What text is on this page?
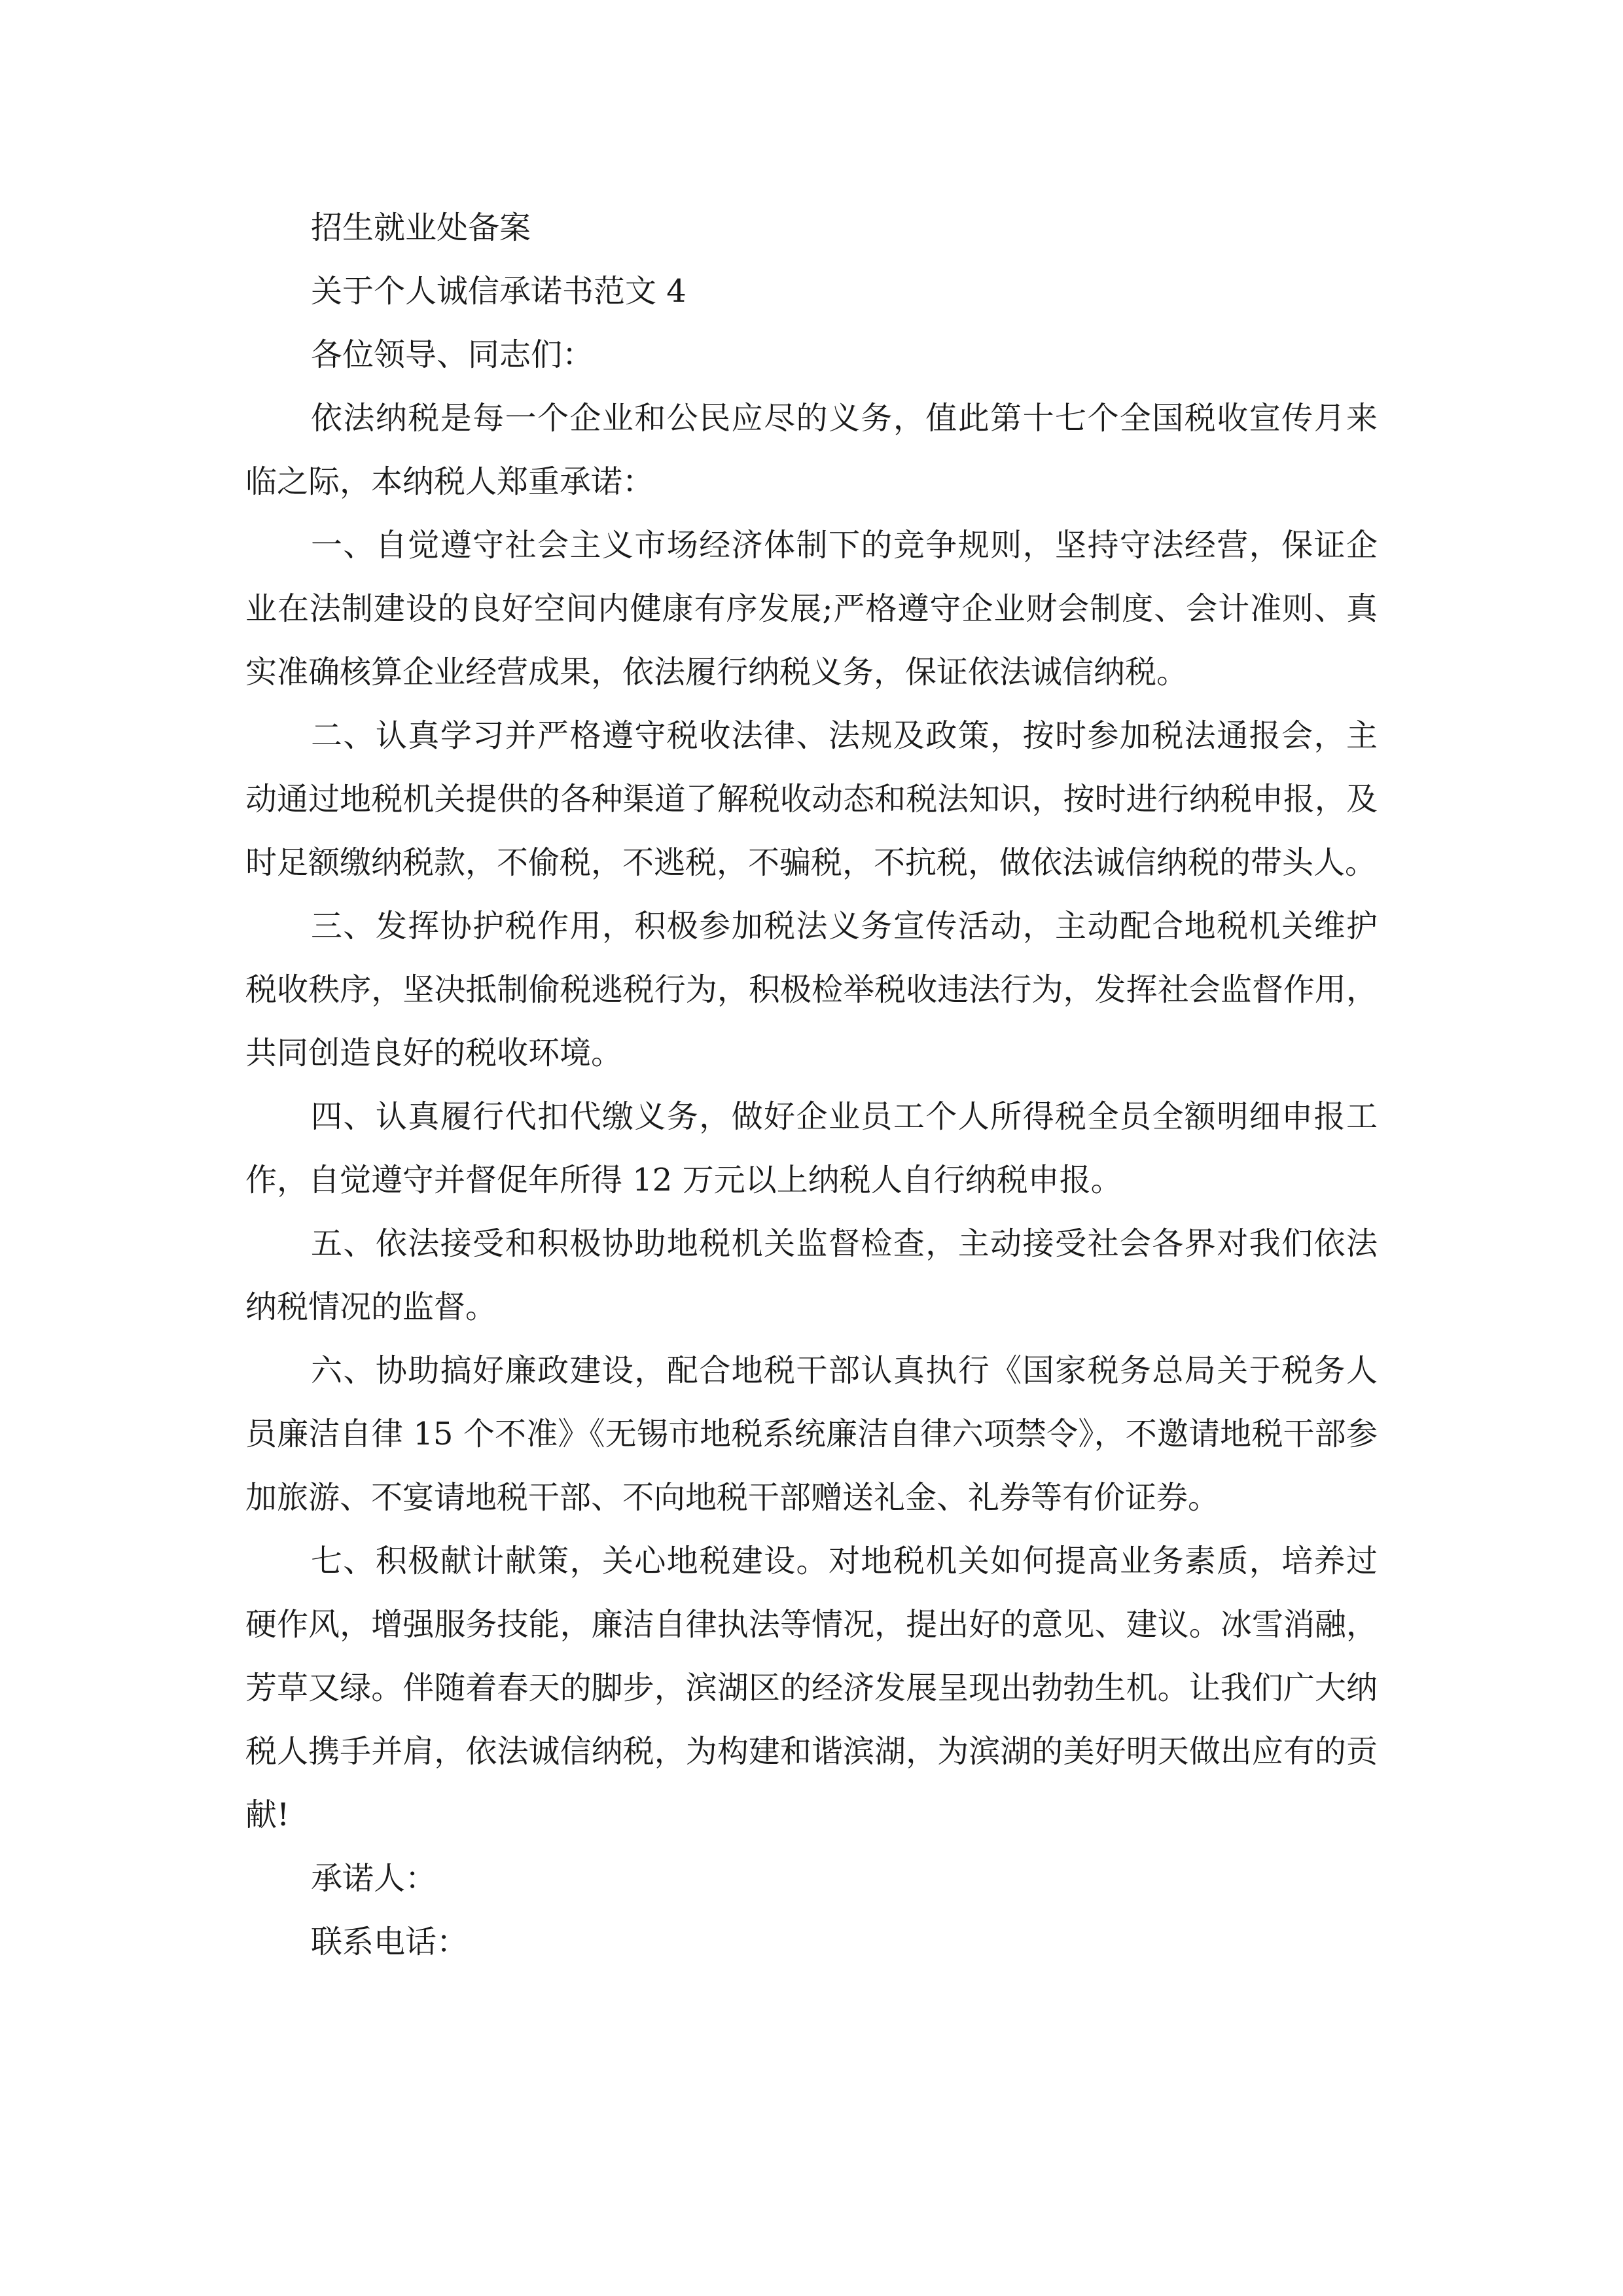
招生就业处备案

关于个人诚信承诺书范文 4

各位领导、同志们：

依法纳税是每一个企业和公民应尽的义务，值此第十七个全国税收宣传月来临之际，本纳税人郑重承诺：

一、自觉遵守社会主义市场经济体制下的竞争规则，坚持守法经营，保证企业在法制建设的良好空间内健康有序发展;严格遵守企业财会制度、会计准则、真实准确核算企业经营成果，依法履行纳税义务，保证依法诚信纳税。

二、认真学习并严格遵守税收法律、法规及政策，按时参加税法通报会，主动通过地税机关提供的各种渠道了解税收动态和税法知识，按时进行纳税申报，及时足额缴纳税款，不偷税，不逃税，不骗税，不抗税，做依法诚信纳税的带头人。

三、发挥协护税作用，积极参加税法义务宣传活动，主动配合地税机关维护税收秩序，坚决抵制偷税逃税行为，积极检举税收违法行为，发挥社会监督作用，共同创造良好的税收环境。

四、认真履行代扣代缴义务，做好企业员工个人所得税全员全额明细申报工作，自觉遵守并督促年所得 12 万元以上纳税人自行纳税申报。

五、依法接受和积极协助地税机关监督检查，主动接受社会各界对我们依法纳税情况的监督。

六、协助搞好廉政建设，配合地税干部认真执行《国家税务总局关于税务人员廉洁自律 15 个不准》《无锡市地税系统廉洁自律六项禁令》，不邀请地税干部参加旅游、不宴请地税干部、不向地税干部赠送礼金、礼券等有价证券。

七、积极献计献策，关心地税建设。对地税机关如何提高业务素质，培养过硬作风，增强服务技能，廉洁自律执法等情况，提出好的意见、建议。冰雪消融，芳草又绿。伴随着春天的脚步，滨湖区的经济发展呈现出勃勃生机。让我们广大纳税人携手并肩，依法诚信纳税，为构建和谐滨湖，为滨湖的美好明天做出应有的贡献!

承诺人：

联系电话：
